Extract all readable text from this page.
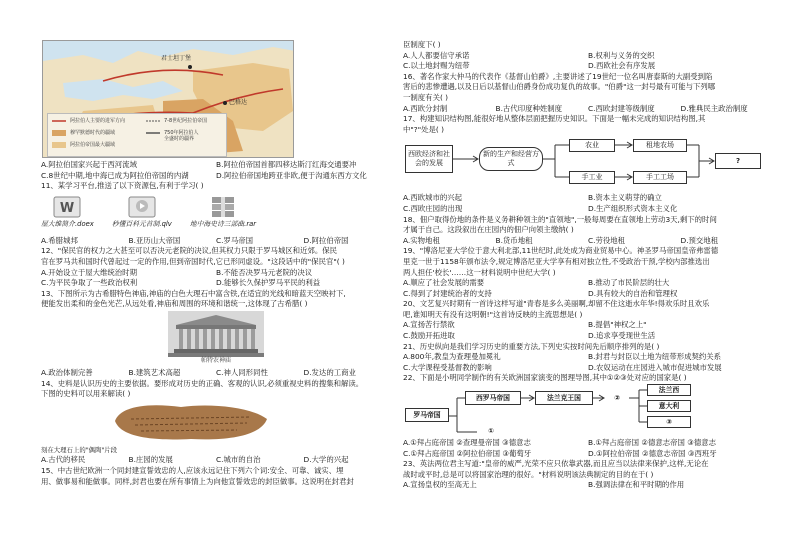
君士坦丁堡
巴格达
阿拉伯人主要的进军方向
穆罕默德时代的疆域
阿拉伯帝国最大疆域
7-8世纪阿拉伯帝国
750年阿拉伯人
全盛时的疆界
A.阿拉伯国家兴起于西河流域	B.阿拉伯帝国首都四移达斯汀红海交通要冲
C.8世纪中期,地中海已成为阿拉伯帝国的内湖	D.阿拉伯帝国地跨亚非欧,便于沟通东西方文化
11、某学习平台,推送了以下资源包,有利于学习( )
W
屋大维简介.doex	秒懂百科元首制.qlv	地中海史诗三部曲.rar
A.希腊城邦	B.亚历山大帝国	C.罗马帝国	D.阿拉伯帝国
12、"保民官的权力之大甚至可以否决元老院的决议,但其权力只限于罗马城区和近郊。保民
官在罗马共和国时代曾起过一定的作用,但到帝国时代,它已形同虚设。"这段话中的"保民官"( )
A.开始设立于屋大维统治时期	B.不能否决罗马元老院的决议
C.为平民争取了一些政治权利	D.能够长久保护罗马平民的利益
13、下图所示为古希腊特色神庙,神庙的白色大理石中富含铁,在适宜的光线和暗蓝天空映衬下,
便能发出柔和的金色光芒,从远处看,神庙和周围的环境和谐统一,这体现了古希腊( )
帕特农神庙
A.政治体制完善	B.建筑艺术高超	C.神人同形同性	D.发达的工商业
14、史料是认识历史的主要依据。要形成对历史的正确、客观的认识,必须重视史料的搜集和解读。
下图的史料可以用来解读( )
刻在大理石上的"偶陶"片段
A.古代的移民	B.庄园的发展	C.城市的自治	D.大学的兴起
15、中古世纪欧洲一个同封建宣誓效忠的人,应该永远记住下列六个词:安全、可靠、诚实、埋
用、做事易和能做事。同样,封君也要在所有事情上为向他宣誓效忠的封臣做事。这说明在封君封
臣制度下( )
A.人人都要信守承诺	B.权利与义务的交织
C.以土地封赐为纽带	D.西欧社会有序发展
16、著名作家大仲马的代表作《基督山伯爵》,主要讲述了19世纪一位名叫唐泰斯的大副受到陷
害后的悲惨遭遇,以及日后以基督山伯爵身份成功复仇的故事。"伯爵"这一封号最有可能与下列哪
一制度有关( )
A.西欧分封制	B.古代印度种姓制度	C.西欧封建等级制度	D.雅典民主政治制度
17、构建知识结构图,能很好地从整体层面把握历史知识。下面是一幅未完成的知识结构图,其
中"?"处是( )
西欧经济和社会的发展
新的生产和经营方式
农业	租地农场
手工业	手工工场
?
A.西欧城市的兴起	B.资本主义萌芽的确立
C.西欧庄园的出现	D.生产组织形式资本主义化
18、佃户取得份地的条件是义务耕种领主的"直领地",一般每周要在直领地上劳动3天,剩下的时间
才属于自己。这段叙出在庄园内的佃户向领主缴纳( )
A.实物地租	B.货币地租	C.劳役地租	D.预交地租
19、"博洛尼亚大学位于意大利北部,11世纪时,此处成为商业贸易中心。神圣罗马帝国皇帝弗雷德
里克一世于1158年颁布法令,规定博洛尼亚大学享有相对独立性,不受政治干预,学校内部推选出
两人担任'校长'……这一材料说明中世纪大学( )
A.顺应了社会发展的需要	B.推动了市民阶层的壮大
C.得到了封建统治者的支持	D.具有较大的自治和管理权
20、文艺复兴时期有一首诗这样写道"青春是多么美丽啊,却留不住这逝水年华!得欢乐时且欢乐
吧,谁知明天有没有这明朝!"这首诗反映的主流思想是( )
A.宣扬苦行禁欲	B.提倡"神权之上"
C.鼓励开拓进取	D.追求享受现世生活
21、历史纵向是我们学习历史的重要方法,下列史实按时间先后顺序排列的是( )
A.800年,教皇为查理曼加冕礼	B.封君与封臣以土地为纽带形成契约关系
C.大学课程受基督教的影响	D.农奴运动在庄园进入城市促进城市发展
22、下面是小明同学制作的有关欧洲国家演变的图理导图,其中①②③处对应的国家是( )
罗马帝国
西罗马帝国	法兰克王国	②
法兰西
意大利
③
①
A.①拜占庭帝国 ②查理曼帝国 ③德意志	B.①拜占庭帝国 ②德意志帝国 ③德意志
C.①拜占庭帝国 ②阿拉伯帝国 ③葡萄牙	D.①阿拉伯帝国 ②德意志帝国 ③西班牙
23、英法两位君主写道:"皇帝的威严,光荣不应只依靠武器,而且应当以法律来保护,这样,无论在
战时或平时,总是可以将国家治理的很好。"材料说明该法典制定的目的在于( )
A.宣扬皇权的至高无上	B.强调法律在和平时期的作用
